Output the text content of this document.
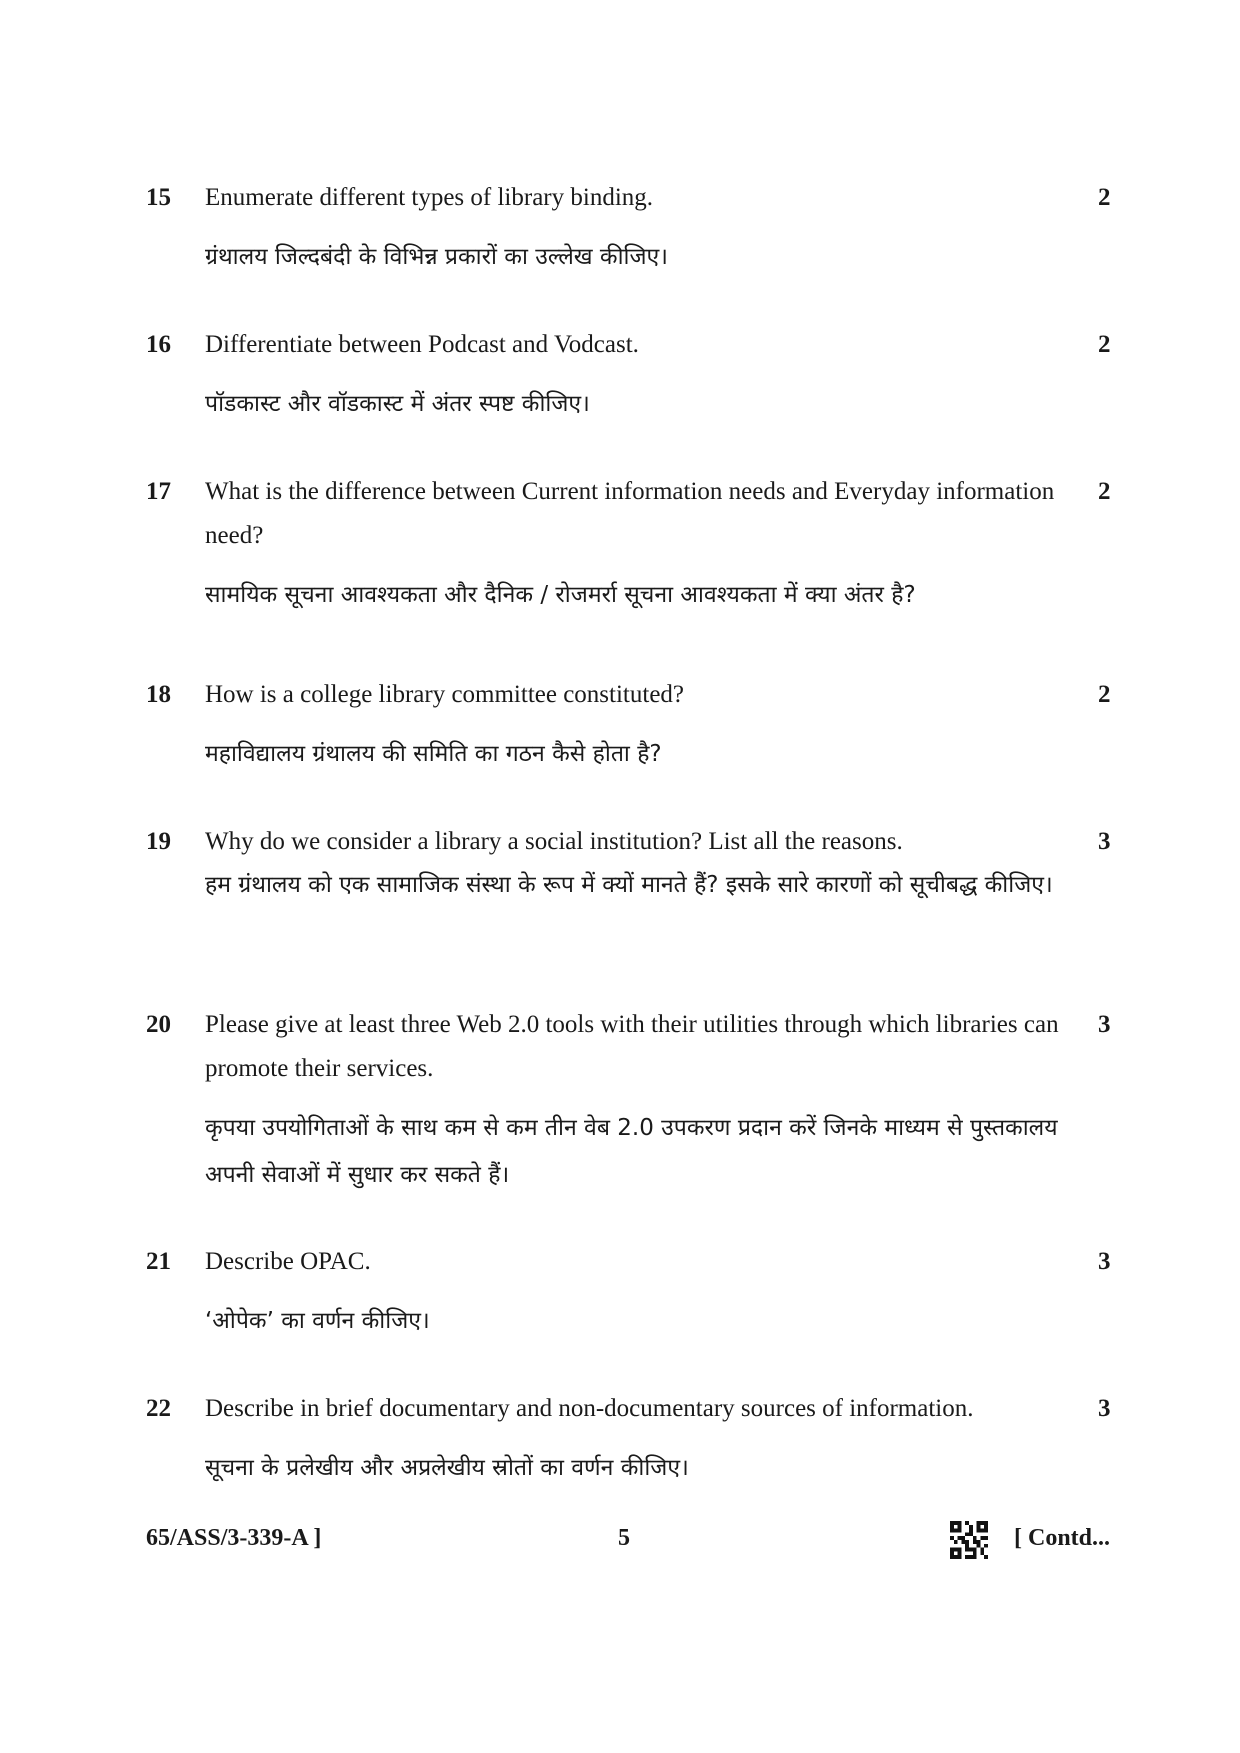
15 Enumerate different types of library binding.	2
ग्रंथालय जिल्दबंदी के विभिन्न प्रकारों का उल्लेख कीजिए।
16 Differentiate between Podcast and Vodcast.	2
पॉडकास्ट और वॉडकास्ट में अंतर स्पष्ट कीजिए।
17 What is the difference between Current information needs and Everyday information need?
2
सामयिक सूचना आवश्यकता और दैनिक / रोजमर्रा सूचना आवश्यकता में क्या अंतर है?
18 How is a college library committee constituted?	2
महाविद्यालय ग्रंथालय की समिति का गठन कैसे होता है?
19 Why do we consider a library a social institution? List all the reasons.	3
हम ग्रंथालय को एक सामाजिक संस्था के रूप में क्यों मानते हैं? इसके सारे कारणों को सूचीबद्ध कीजिए।
20 Please give at least three Web 2.0 tools with their utilities through which libraries can promote their services.
3
कृपया उपयोगिताओं के साथ कम से कम तीन वेब 2.0 उपकरण प्रदान करें जिनके माध्यम से पुस्तकालय अपनी सेवाओं में सुधार कर सकते हैं।
21 Describe OPAC.	3
‘ओपेक’ का वर्णन कीजिए।
22 Describe in brief documentary and non-documentary sources of information.	3
सूचना के प्रलेखीय और अप्रलेखीय स्रोतों का वर्णन कीजिए।
65/ASS/3-339-A ]	5	[ Contd...
